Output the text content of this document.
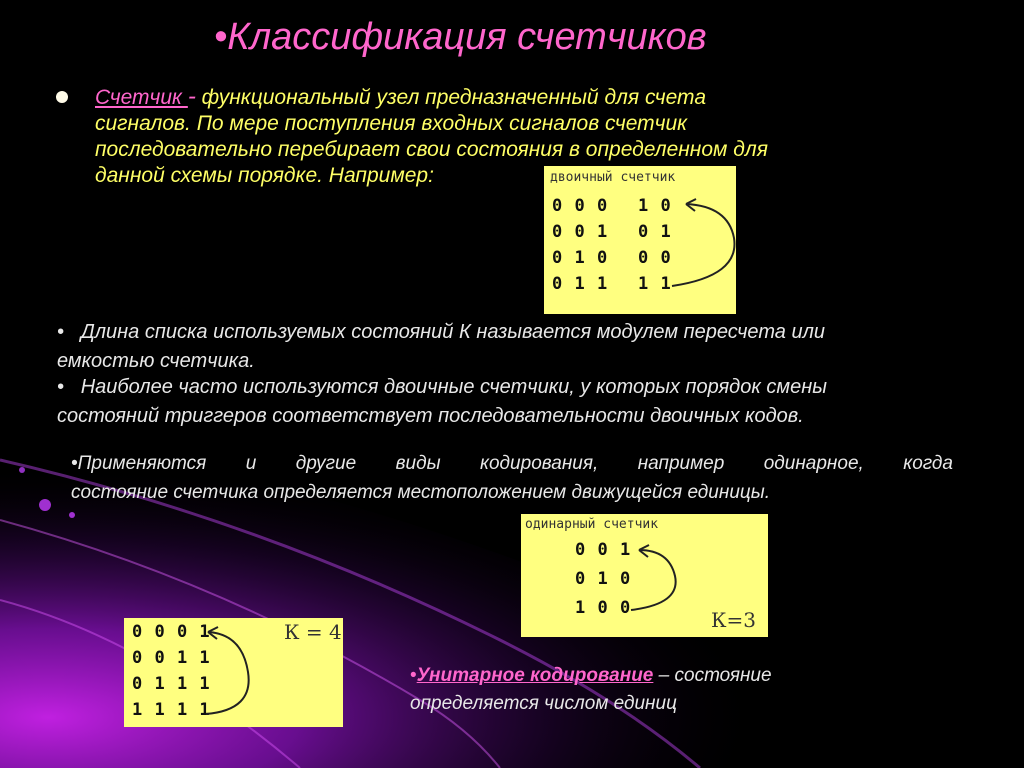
•Классификация счетчиков
Счетчик - функциональный узел предназначенный для счета
сигналов. По мере поступления входных сигналов счетчик
последовательно перебирает свои состояния в определенном для
данной схемы порядке. Например:	двоичный счетчик
0 0 0
0 0 1
0 1 0
0 1 1
1 0
0 1
0 0
1 1
• Длина списка используемых состояний К называется модулем пересчета или
емкостью счетчика.
• Наиболее часто используются двоичные счетчики, у которых порядок смены
состояний триггеров соответствует последовательности двоичных кодов.
•Применяются и другие виды кодирования, например одинарное, когда
состояние счетчика определяется местоположением движущейся единицы.
одинарный счетчик
0 0 1
0 1 0
1 0 0	К=3
0 0 0 1
0 0 1 1
0 1 1 1
1 1 1 1
К = 4
•Унитарное кодирование – состояние
определяется числом единиц
